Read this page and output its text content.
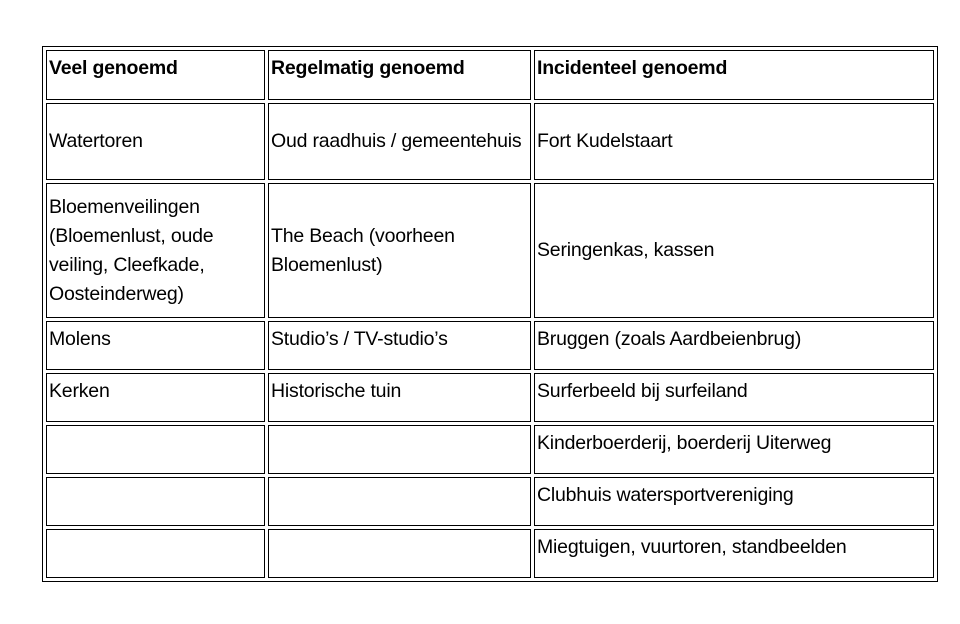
Veel genoemd	Regelmatig genoemd	Incidenteel genoemd
Watertoren	Oud raadhuis / gemeentehuis	Fort Kudelstaart
Bloemenveilingen (Bloemenlust, oude veiling, Cleefkade, Oosteinderweg)	The Beach (voorheen Bloemenlust)	Seringenkas, kassen
Molens	Studio’s / TV-studio’s	Bruggen (zoals Aardbeienbrug)
Kerken	Historische tuin	Surferbeeld bij surfeiland
		Kinderboerderij, boerderij Uiterweg
		Clubhuis watersportvereniging
		Miegtuigen, vuurtoren, standbeelden
